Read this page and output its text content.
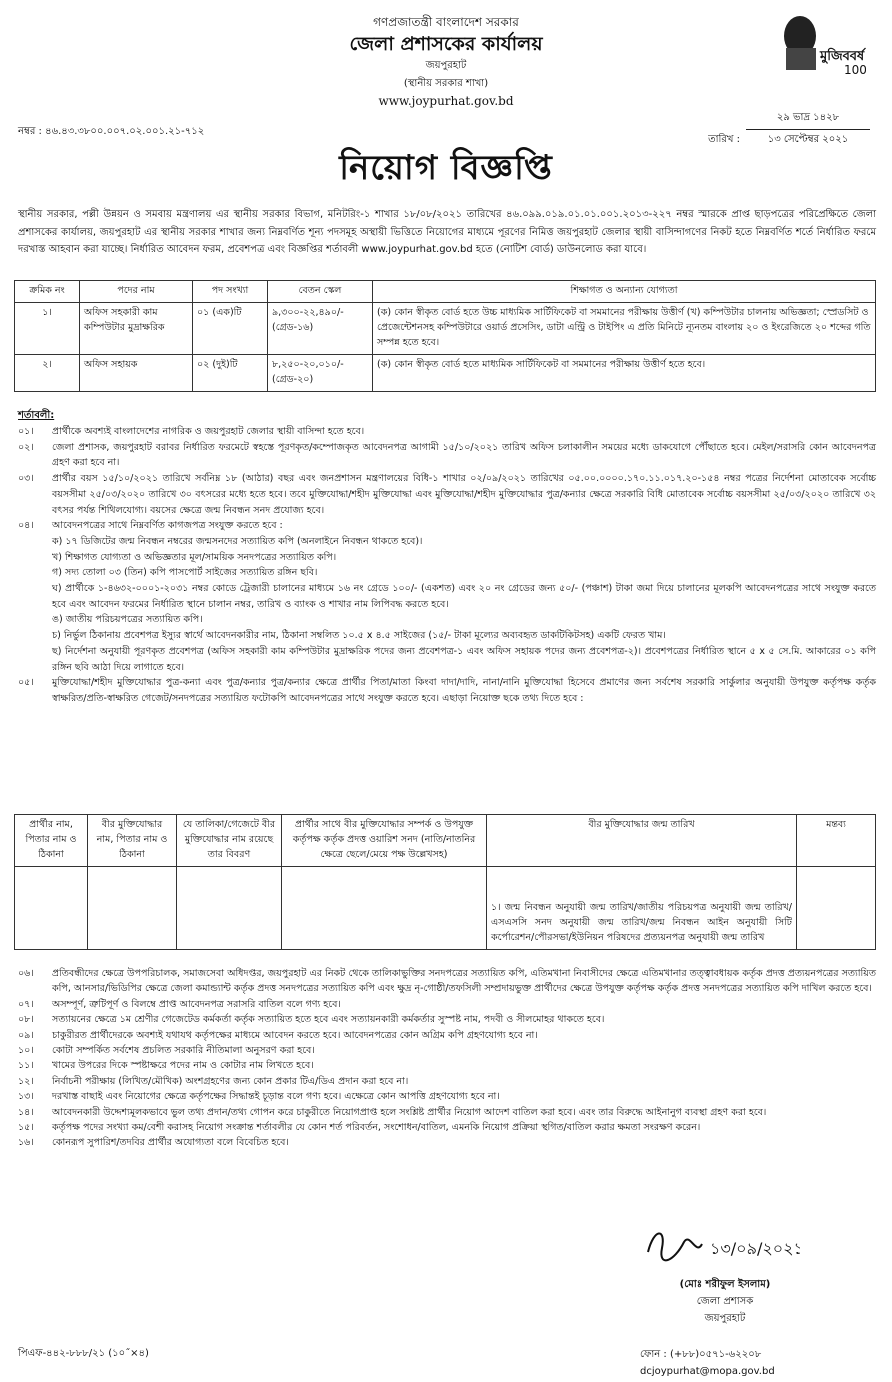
গণপ্রজাতন্ত্রী বাংলাদেশ সরকার
জেলা প্রশাসকের কার্যালয়
জয়পুরহাট
(স্থানীয় সরকার শাখা)
www.joypurhat.gov.bd
মুজিববর্ষ
100
নম্বর : ৪৬.৪৩.৩৮০০.০০৭.০২.০০১.২১-৭১২
২৯ ভাদ্র ১৪২৮
তারিখ :	১৩ সেপ্টেম্বর ২০২১
নিয়োগ বিজ্ঞপ্তি
স্থানীয় সরকার, পল্লী উন্নয়ন ও সমবায় মন্ত্রণালয় এর স্থানীয় সরকার বিভাগ, মনিটরিং-১ শাখার ১৮/০৮/২০২১ তারিখের ৪৬.০৯৯.০১৯.০১.০১.০০১.২০১৩-২২৭ নম্বর স্মারকে প্রাপ্ত ছাড়পত্রের পরিপ্রেক্ষিতে জেলা প্রশাসকের কার্যালয়, জয়পুরহাট এর স্থানীয় সরকার শাখার জন্য নিম্নবর্ণিত শূন্য পদসমূহ অস্থায়ী ভিত্তিতে নিয়োগের মাধ্যমে পূরণের নিমিত্ত জয়পুরহাট জেলার স্থায়ী বাসিন্দাগণের নিকট হতে নিম্নবর্ণিত শর্তে নির্ধারিত ফরমে দরখাস্ত আহবান করা যাচ্ছে। নির্ধারিত আবেদন ফরম, প্রবেশপত্র এবং বিজ্ঞপ্তির শর্তাবলী www.joypurhat.gov.bd হতে (নোটিশ বোর্ড) ডাউনলোড করা যাবে।
ক্রমিক নং	পদের নাম	পদ সংখ্যা	বেতন স্কেল	শিক্ষাগত ও অন্যান্য যোগ্যতা
১।	অফিস সহকারী কাম কম্পিউটার মুদ্রাক্ষরিক	০১ (এক)টি	৯,৩০০-২২,৪৯০/- (গ্রেড-১৬)	(ক) কোন স্বীকৃত বোর্ড হতে উচ্চ মাধ্যমিক সার্টিফিকেট বা সমমানের পরীক্ষায় উত্তীর্ণ (খ) কম্পিউটার চালনায় অভিজ্ঞতা; স্প্রেডসিট ও প্রেজেন্টেশনসহ কম্পিউটারে ওয়ার্ড প্রসেসিং, ডাটা এন্ট্রি ও টাইপিং এ প্রতি মিনিটে ন্যূনতম বাংলায় ২০ ও ইংরেজিতে ২০ শব্দের গতি সম্পন্ন হতে হবে।
২।	অফিস সহায়ক	০২ (দুই)টি	৮,২৫০-২০,০১০/- (গ্রেড-২০)	(ক) কোন স্বীকৃত বোর্ড হতে মাধ্যমিক সার্টিফিকেট বা সমমানের পরীক্ষায় উত্তীর্ণ হতে হবে।
শর্তাবলী:
০১।	প্রার্থীকে অবশ্যই বাংলাদেশের নাগরিক ও জয়পুরহাট জেলার স্থায়ী বাসিন্দা হতে হবে।
০২।	জেলা প্রশাসক, জয়পুরহাট বরাবর নির্ধারিত ফরমেটে স্বহস্তে পূরণকৃত/কম্পোজকৃত আবেদনপত্র আগামী ১৫/১০/২০২১ তারিখ অফিস চলাকালীন সময়ের মধ্যে ডাকযোগে পৌঁছাতে হবে। মেইল/সরাসরি কোন আবেদনপত্র গ্রহণ করা হবে না।
০৩।	প্রার্থীর বয়স ১৫/১০/২০২১ তারিখে সর্বনিম্ন ১৮ (আঠার) বছর এবং জনপ্রশাসন মন্ত্রণালয়ের বিধি-১ শাখার ০২/০৯/২০২১ তারিখের ০৫.০০.০০০০.১৭০.১১.০১৭.২০-১৫৪ নম্বর পত্রের নির্দেশনা মোতাবেক সর্বোচ্চ বয়সসীমা ২৫/০৩/২০২০ তারিখে ৩০ বৎসরের মধ্যে হতে হবে। তবে মুক্তিযোদ্ধা/শহীদ মুক্তিযোদ্ধা এবং মুক্তিযোদ্ধা/শহীদ মুক্তিযোদ্ধার পুত্র/কন্যার ক্ষেত্রে সরকারি বিধি মোতাবেক সর্বোচ্চ বয়সসীমা ২৫/০৩/২০২০ তারিখে ৩২ বৎসর পর্যন্ত শিথিলযোগ্য। বয়সের ক্ষেত্রে জন্ম নিবন্ধন সনদ প্রযোজ্য হবে।
০৪।	আবেদনপত্রের সাথে নিম্নবর্ণিত কাগজপত্র সংযুক্ত করতে হবে :
ক) ১৭ ডিজিটের জন্ম নিবন্ধন নম্বরের জন্মসনদের সত্যায়িত কপি (অনলাইনে নিবন্ধন থাকতে হবে)।
খ) শিক্ষাগত যোগ্যতা ও অভিজ্ঞতার মূল/সাময়িক সনদপত্রের সত্যায়িত কপি।
গ) সদ্য তোলা ০৩ (তিন) কপি পাসপোর্ট সাইজের সত্যায়িত রঙ্গিন ছবি।
ঘ) প্রার্থীকে ১-৪৬৩২-০০০১-২০৩১ নম্বর কোডে ট্রেজারী চালানের মাধ্যমে ১৬ নং গ্রেডে ১০০/- (একশত) এবং ২০ নং গ্রেডের জন্য ৫০/- (পঞ্চাশ) টাকা জমা দিয়ে চালানের মূলকপি আবেদনপত্রের সাথে সংযুক্ত করতে হবে এবং আবেদন ফরমের নির্ধারিত স্থানে চালান নম্বর, তারিখ ও ব্যাংক ও শাখার নাম লিপিবদ্ধ করতে হবে।
ঙ) জাতীয় পরিচয়পত্রের সত্যায়িত কপি।
চ) নির্ভুল ঠিকানায় প্রবেশপত্র ইস্যুর স্বার্থে আবেদনকারীর নাম, ঠিকানা সম্বলিত ১০.৫ x ৪.৫ সাইজের (১৫/- টাকা মূল্যের অব্যবহৃত ডাকটিকিটসহ) একটি ফেরত খাম।
ছ) নির্দেশনা অনুযায়ী পূরণকৃত প্রবেশপত্র (অফিস সহকারী কাম কম্পিউটার মুদ্রাক্ষরিক পদের জন্য প্রবেশপত্র-১ এবং অফিস সহায়ক পদের জন্য প্রবেশপত্র-২)। প্রবেশপত্রের নির্ধারিত স্থানে ৫ x ৫ সে.মি. আকারের ০১ কপি রঙ্গিন ছবি আঠা দিয়ে লাগাতে হবে।
০৫।	মুক্তিযোদ্ধা/শহীদ মুক্তিযোদ্ধার পুত্র-কন্যা এবং পুত্র/কন্যার পুত্র/কন্যার ক্ষেত্রে প্রার্থীর পিতা/মাতা কিংবা দাদা/দাদি, নানা/নানি মুক্তিযোদ্ধা হিসেবে প্রমাণের জন্য সর্বশেষ সরকারি সার্কুলার অনুযায়ী উপযুক্ত কর্তৃপক্ষ কর্তৃক স্বাক্ষরিত/প্রতি-স্বাক্ষরিত গেজেট/সনদপত্রের সত্যায়িত ফটোকপি আবেদনপত্রের সাথে সংযুক্ত করতে হবে। এছাড়া নিয়োক্ত ছকে তথ্য দিতে হবে :
প্রার্থীর নাম, পিতার নাম ও ঠিকানা	বীর মুক্তিযোদ্ধার নাম, পিতার নাম ও ঠিকানা	যে তালিকা/গেজেটে বীর মুক্তিযোদ্ধার নাম রয়েছে তার বিবরণ	প্রার্থীর সাথে বীর মুক্তিযোদ্ধার সম্পর্ক ও উপযুক্ত কর্তৃপক্ষ কর্তৃক প্রদত্ত ওয়ারিশ সনদ (নাতি/নাতনির ক্ষেত্রে ছেলে/মেয়ে পক্ষ উল্লেখসহ)	বীর মুক্তিযোদ্ধার জন্ম তারিখ	মন্তব্য
				১। জন্ম নিবন্ধন অনুযায়ী জন্ম তারিখ/জাতীয় পরিচয়পত্র অনুযায়ী জন্ম তারিখ/এসএসসি সনদ অনুযায়ী জন্ম তারিখ/জন্ম নিবন্ধন আইন অনুযায়ী সিটি কর্পোরেশন/পৌরসভা/ইউনিয়ন পরিষদের প্রত্যয়নপত্র অনুযায়ী জন্ম তারিখ	
০৬।	প্রতিবন্ধীদের ক্ষেত্রে উপপরিচালক, সমাজসেবা অধিদপ্তর, জয়পুরহাট এর নিকট থেকে তালিকাভুক্তির সনদপত্রের সত্যায়িত কপি, এতিমখানা নিবাসীদের ক্ষেত্রে এতিমখানার তত্ত্বাবধায়ক কর্তৃক প্রদত্ত প্রত্যয়নপত্রের সত্যায়িত কপি, আনসার/ভিডিপির ক্ষেত্রে জেলা কমান্ড্যান্ট কর্তৃক প্রদত্ত সনদপত্রের সত্যায়িত কপি এবং ক্ষুদ্র নৃ-গোষ্ঠী/তফসিলী সম্প্রদায়ভুক্ত প্রার্থীদের ক্ষেত্রে উপযুক্ত কর্তৃপক্ষ কর্তৃক প্রদত্ত সনদপত্রের সত্যায়িত কপি দাখিল করতে হবে।
০৭।	অসম্পূর্ণ, ত্রুটিপূর্ণ ও বিলম্বে প্রাপ্ত আবেদনপত্র সরাসরি বাতিল বলে গণ্য হবে।
০৮।	সত্যায়নের ক্ষেত্রে ১ম শ্রেণীর গেজেটেড কর্মকর্তা কর্তৃক সত্যায়িত হতে হবে এবং সত্যায়নকারী কর্মকর্তার সুস্পষ্ট নাম, পদবী ও সীলমোহর থাকতে হবে।
০৯।	চাকুরীরত প্রার্থীদেরকে অবশ্যই যথাযথ কর্তৃপক্ষের মাধ্যমে আবেদন করতে হবে। আবেদনপত্রের কোন অগ্রিম কপি গ্রহণযোগ্য হবে না।
১০।	কোটা সম্পর্কিত সর্বশেষ প্রচলিত সরকারি নীতিমালা অনুসরণ করা হবে।
১১।	খামের উপরের দিকে স্পষ্টাক্ষরে পদের নাম ও কোটার নাম লিখতে হবে।
১২।	নির্বাচনী পরীক্ষায় (লিখিত/মৌখিক) অংশগ্রহণের জন্য কোন প্রকার টিএ/ডিএ প্রদান করা হবে না।
১৩।	দরখাস্ত বাছাই এবং নিয়োগের ক্ষেত্রে কর্তৃপক্ষের সিদ্ধান্তই চূড়ান্ত বলে গণ্য হবে। এক্ষেত্রে কোন আপত্তি গ্রহণযোগ্য হবে না।
১৪।	আবেদনকারী উদ্দেশ্যমূলকভাবে ভুল তথ্য প্রদান/তথ্য গোপন করে চাকুরীতে নিয়োগপ্রাপ্ত হলে সংশ্লিষ্ট প্রার্থীর নিয়োগ আদেশ বাতিল করা হবে। এবং তার বিরুদ্ধে আইনানুগ ব্যবস্থা গ্রহণ করা হবে।
১৫।	কর্তৃপক্ষ পদের সংখ্যা কম/বেশী করাসহ নিয়োগ সংক্রান্ত শর্তাবলীর যে কোন শর্ত পরিবর্তন, সংশোধন/বাতিল, এমনকি নিয়োগ প্রক্রিয়া স্থগিত/বাতিল করার ক্ষমতা সংরক্ষণ করেন।
১৬।	কোনরূপ সুপারিশ/তদবির প্রার্থীর অযোগ্যতা বলে বিবেচিত হবে।
১৩/০৯/২০২১
(মোঃ শরীফুল ইসলাম)
জেলা প্রশাসক
জয়পুরহাট
ফোন : (+৮৮)০৫৭১-৬২২০৮
dcjoypurhat@mopa.gov.bd
পিএফ-৪৪২-৮৮৮/২১ (১০˝×৪)
